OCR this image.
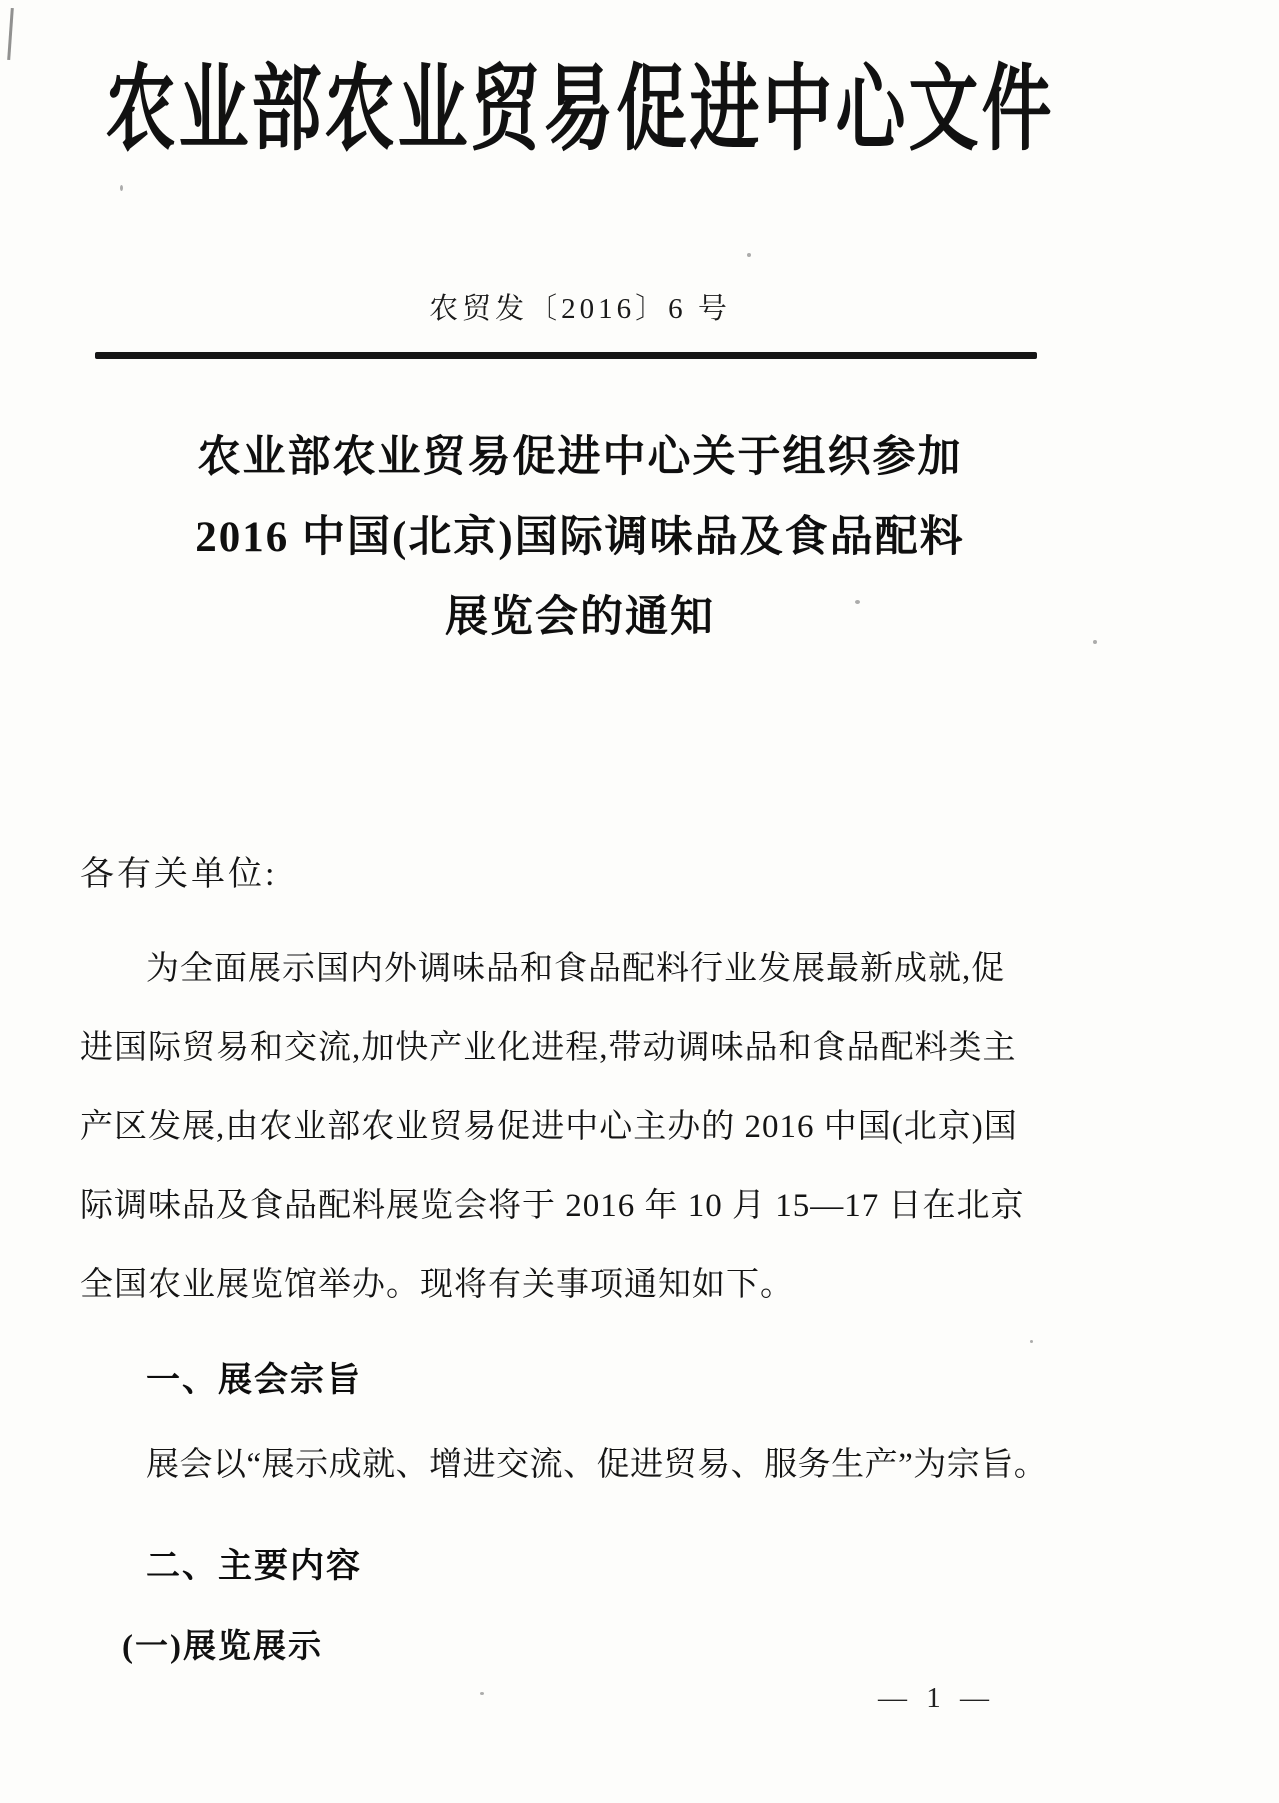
农业部农业贸易促进中心文件
农贸发〔2016〕6 号
农业部农业贸易促进中心关于组织参加
2016 中国(北京)国际调味品及食品配料
展览会的通知
各有关单位:
为全面展示国内外调味品和食品配料行业发展最新成就,促
进国际贸易和交流,加快产业化进程,带动调味品和食品配料类主
产区发展,由农业部农业贸易促进中心主办的 2016 中国(北京)国
际调味品及食品配料展览会将于 2016 年 10 月 15—17 日在北京
全国农业展览馆举办。现将有关事项通知如下。
一、展会宗旨
展会以“展示成就、增进交流、促进贸易、服务生产”为宗旨。
二、主要内容
(一)展览展示
— 1 —
